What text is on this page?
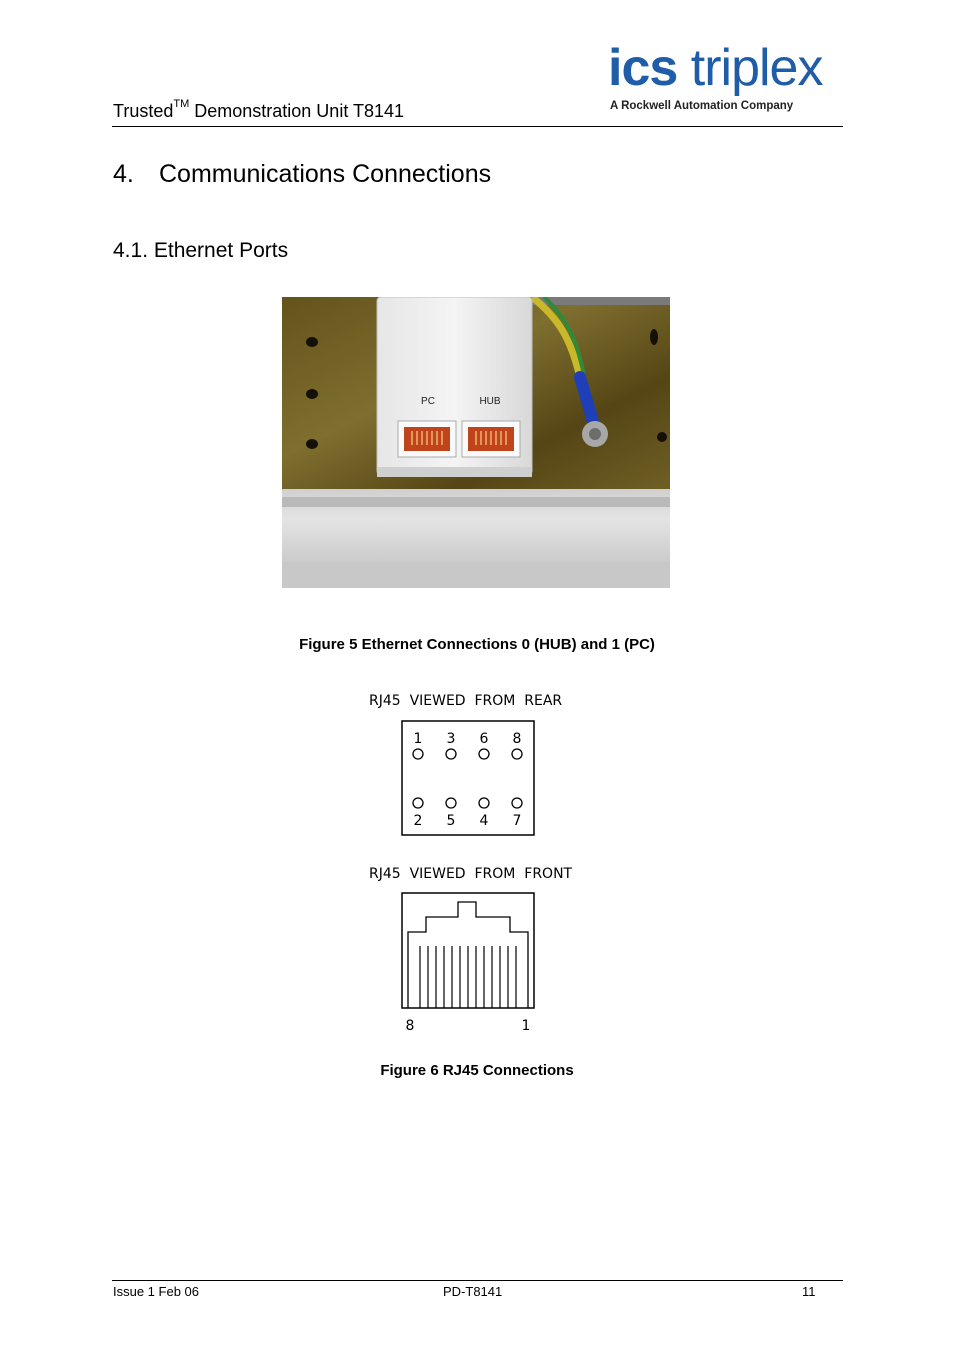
Trusted™ Demonstration Unit T8141
ics triplex
A Rockwell Automation Company
4. Communications Connections
4.1. Ethernet Ports
PC	HUB
Figure 5 Ethernet Connections 0 (HUB) and 1 (PC)
RJ45  VIEWED  FROM  REAR
1 3 6 8
2 5 4 7
RJ45  VIEWED  FROM  FRONT
8	1
Figure 6 RJ45 Connections
Issue 1 Feb 06	PD-T8141	11
